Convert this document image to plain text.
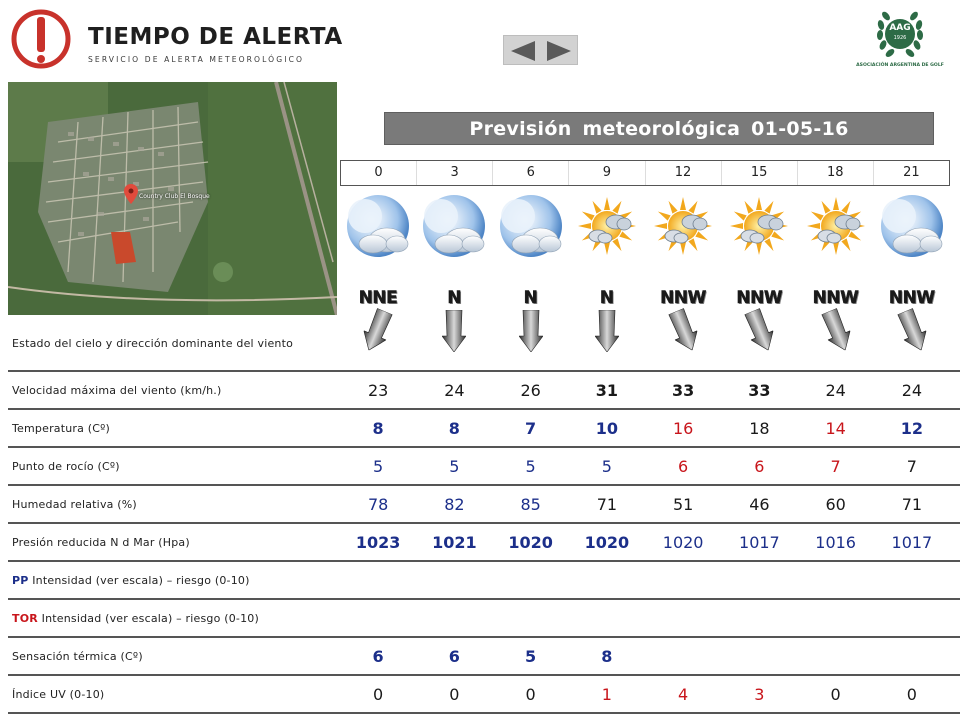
TIEMPO DE ALERTA
SERVICIO DE ALERTA METEOROLÓGICO
AAG
1926
ASOCIACIÓN ARGENTINA DE GOLF
Country Club El Bosque
Previsión meteorológica 01-05-16
0	3	6	9	12	15	18	21
NNE	N	N	N	NNW	NNW	NNW	NNW
Estado del cielo y dirección dominante del viento
Velocidad máxima del viento (km/h.)	23	24	26	31	33	33	24	24
Temperatura (Cº)	8	8	7	10	16	18	14	12
Punto de rocío (Cº)	5	5	5	5	6	6	7	7
Humedad relativa (%)	78	82	85	71	51	46	60	71
Presión reducida N d Mar (Hpa)	1023	1021	1020	1020	1020	1017	1016	1017
PP Intensidad (ver escala) – riesgo (0-10)
TOR Intensidad (ver escala) – riesgo (0-10)
Sensación térmica (Cº)	6	6	5	8
Índice UV (0-10)	0	0	0	1	4	3	0	0
